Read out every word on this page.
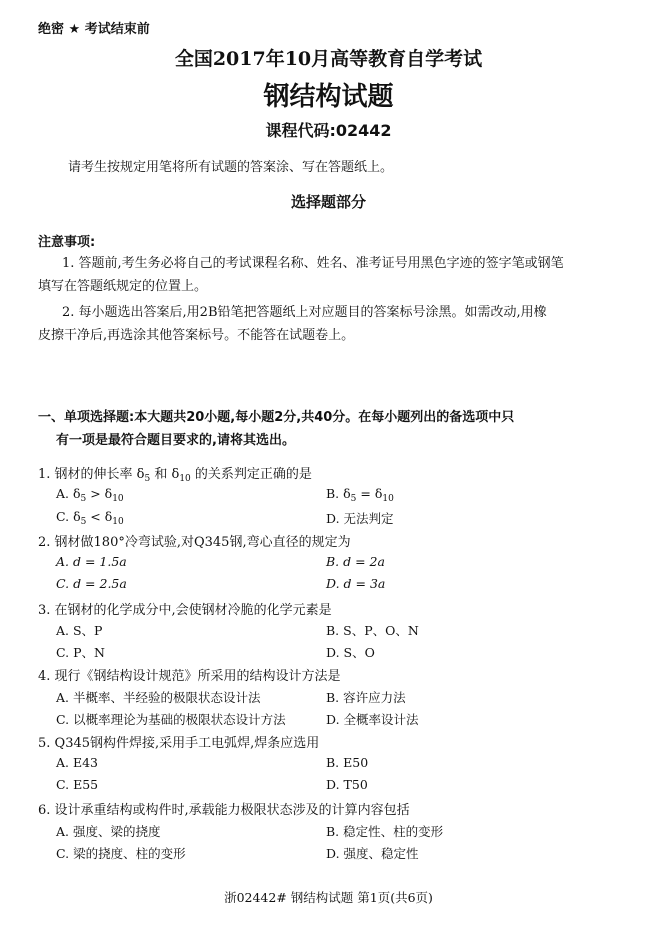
绝密 ★ 考试结束前
全国2017年10月高等教育自学考试
钢结构试题
课程代码:02442
请考生按规定用笔将所有试题的答案涂、写在答题纸上。
选择题部分
注意事项:
1. 答题前,考生务必将自己的考试课程名称、姓名、准考证号用黑色字迹的签字笔或钢笔
填写在答题纸规定的位置上。
2. 每小题选出答案后,用2B铅笔把答题纸上对应题目的答案标号涂黑。如需改动,用橡
皮擦干净后,再选涂其他答案标号。不能答在试题卷上。
一、单项选择题:本大题共20小题,每小题2分,共40分。在每小题列出的备选项中只
有一项是最符合题目要求的,请将其选出。
1. 钢材的伸长率 $\delta_5$ 和 $\delta_{10}$ 的关系判定正确的是
A. $\delta_5 > \delta_{10}$	B. $\delta_5 = \delta_{10}$
C. $\delta_5 < \delta_{10}$	D. 无法判定
2. 钢材做180°冷弯试验,对Q345钢,弯心直径的规定为
A. d = 1.5a	B. d = 2a
C. d = 2.5a	D. d = 3a
3. 在钢材的化学成分中,会使钢材冷脆的化学元素是
A. S、P	B. S、P、O、N
C. P、N	D. S、O
4. 现行《钢结构设计规范》所采用的结构设计方法是
A. 半概率、半经验的极限状态设计法	B. 容许应力法
C. 以概率理论为基础的极限状态设计方法	D. 全概率设计法
5. Q345钢构件焊接,采用手工电弧焊,焊条应选用
A. E43	B. E50
C. E55	D. T50
6. 设计承重结构或构件时,承载能力极限状态涉及的计算内容包括
A. 强度、梁的挠度	B. 稳定性、柱的变形
C. 梁的挠度、柱的变形	D. 强度、稳定性
浙02442# 钢结构试题 第1页(共6页)
